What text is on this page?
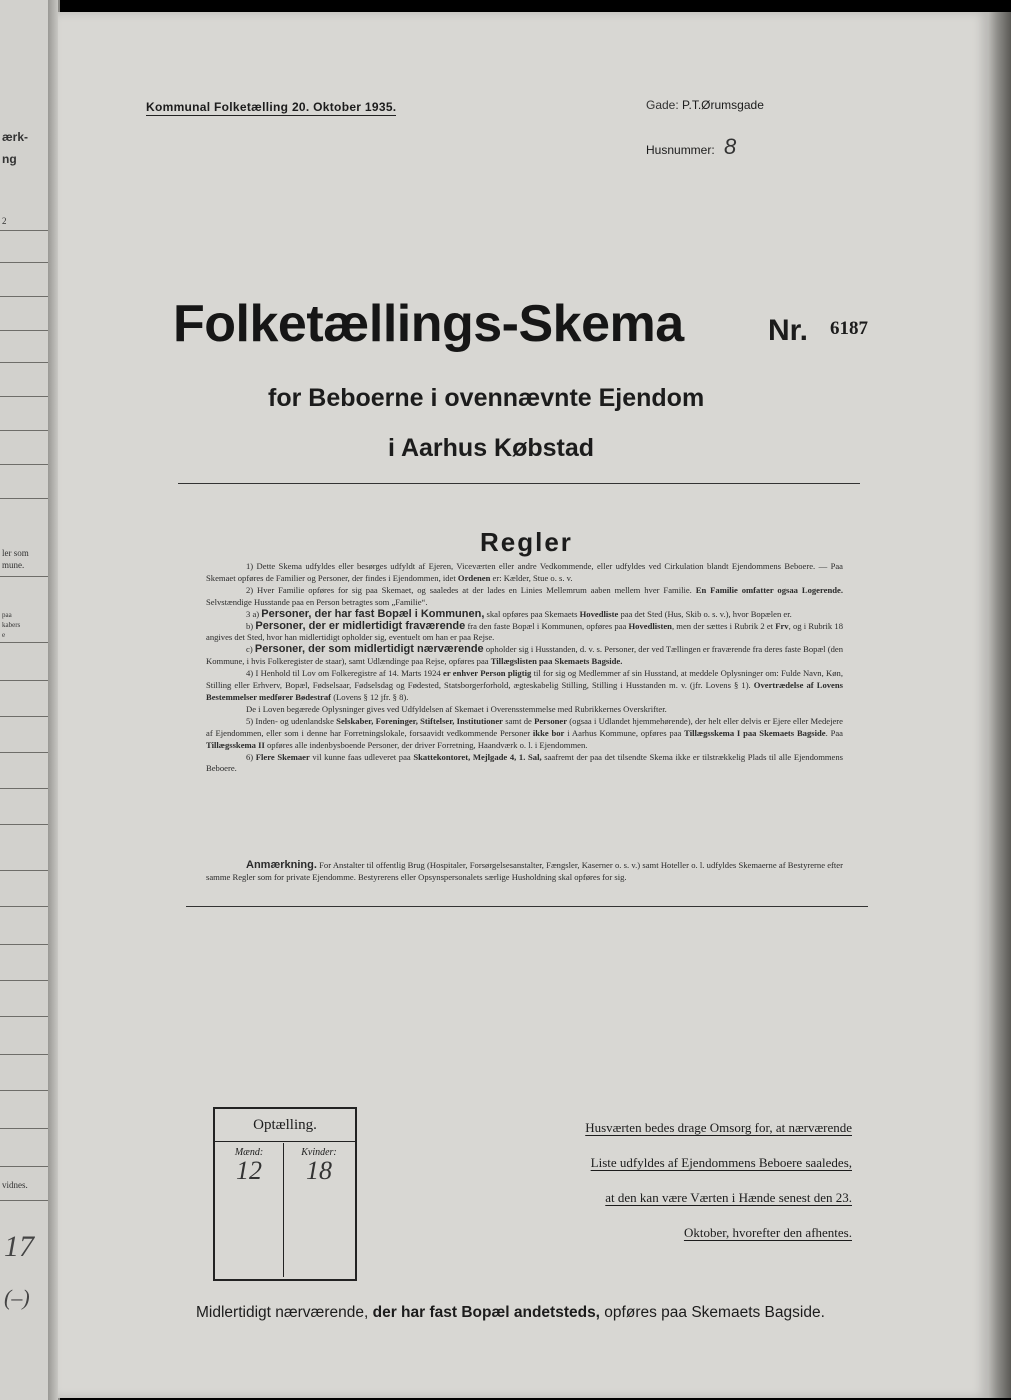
ærk-
ng
2
ler som
mune.
paa
kabers
e
vidnes.
17
(–)
Kommunal Folketælling 20. Oktober 1935.	Gade: P.T.Ørumsgade
Husnummer: 8
Folketællings-Skema	Nr. 6187
for Beboerne i ovennævnte Ejendom
i Aarhus Købstad
Regler

1) Dette Skema udfyldes eller besørges udfyldt af Ejeren, Viceværten eller andre Vedkommende, eller udfyldes ved Cirkulation blandt Ejendommens Beboere. — Paa Skemaet opføres de Familier og Personer, der findes i Ejendommen, idet Ordenen er: Kælder, Stue o. s. v.

2) Hver Familie opføres for sig paa Skemaet, og saaledes at der lades en Linies Mellemrum aaben mellem hver Familie. En Familie omfatter ogsaa Logerende. Selvstændige Husstande paa en Person betragtes som „Familie“.

3 a) Personer, der har fast Bopæl i Kommunen, skal opføres paa Skemaets Hovedliste paa det Sted (Hus, Skib o. s. v.), hvor Bopælen er.

b) Personer, der er midlertidigt fraværende fra den faste Bopæl i Kommunen, opføres paa Hovedlisten, men der sættes i Rubrik 2 et Frv, og i Rubrik 18 angives det Sted, hvor han midlertidigt opholder sig, eventuelt om han er paa Rejse.

c) Personer, der som midlertidigt nærværende opholder sig i Husstanden, d. v. s. Personer, der ved Tællingen er fraværende fra deres faste Bopæl (den Kommune, i hvis Folkeregister de staar), samt Udlændinge paa Rejse, opføres paa Tillægslisten paa Skemaets Bagside.

4) I Henhold til Lov om Folkeregistre af 14. Marts 1924 er enhver Person pligtig til for sig og Medlemmer af sin Husstand, at meddele Oplysninger om: Fulde Navn, Køn, Stilling eller Erhverv, Bopæl, Fødselsaar, Fødselsdag og Fødested, Statsborgerforhold, ægteskabelig Stilling, Stilling i Husstanden m. v. (jfr. Lovens § 1). Overtrædelse af Lovens Bestemmelser medfører Bødestraf (Lovens § 12 jfr. § 8).

De i Loven begærede Oplysninger gives ved Udfyldelsen af Skemaet i Overensstemmelse med Rubrikkernes Overskrifter.

5) Inden- og udenlandske Selskaber, Foreninger, Stiftelser, Institutioner samt de Personer (ogsaa i Udlandet hjemmehørende), der helt eller delvis er Ejere eller Medejere af Ejendommen, eller som i denne har Forretningslokale, forsaavidt vedkommende Personer ikke bor i Aarhus Kommune, opføres paa Tillægsskema I paa Skemaets Bagside. Paa Tillægsskema II opføres alle indenbysboende Personer, der driver Forretning, Haandværk o. l. i Ejendommen.

6) Flere Skemaer vil kunne faas udleveret paa Skattekontoret, Mejlgade 4, 1. Sal, saafremt der paa det tilsendte Skema ikke er tilstrækkelig Plads til alle Ejendommens Beboere.

Anmærkning. For Anstalter til offentlig Brug (Hospitaler, Forsørgelsesanstalter, Fængsler, Kaserner o. s. v.) samt Hoteller o. l. udfyldes Skemaerne af Bestyrerne efter samme Regler som for private Ejendomme. Bestyrerens eller Opsynspersonalets særlige Husholdning skal opføres for sig.

Optælling.
Mænd:
12
Kvinder:
18
Husværten bedes drage Omsorg for, at nærværende
Liste udfyldes af Ejendommens Beboere saaledes,
at den kan være Værten i Hænde senest den 23.
Oktober, hvorefter den afhentes.
Midlertidigt nærværende, der har fast Bopæl andetsteds, opføres paa Skemaets Bagside.
